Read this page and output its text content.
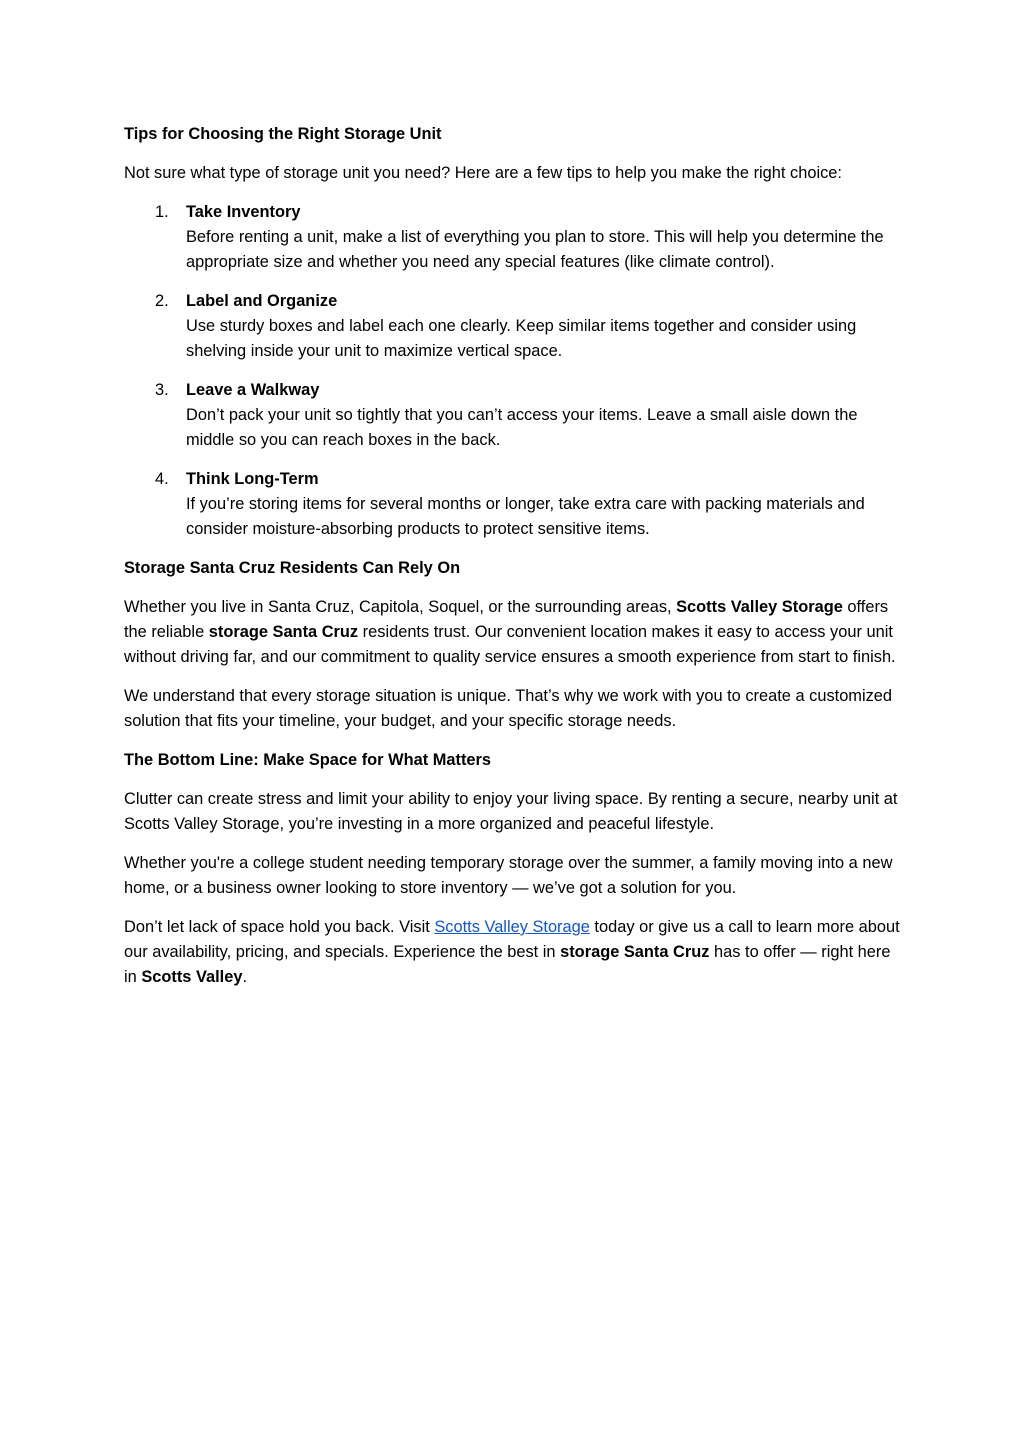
Tips for Choosing the Right Storage Unit

Not sure what type of storage unit you need? Here are a few tips to help you make the right choice:

1. Take Inventory
Before renting a unit, make a list of everything you plan to store. This will help you determine the appropriate size and whether you need any special features (like climate control).
2. Label and Organize
Use sturdy boxes and label each one clearly. Keep similar items together and consider using shelving inside your unit to maximize vertical space.
3. Leave a Walkway
Don’t pack your unit so tightly that you can’t access your items. Leave a small aisle down the middle so you can reach boxes in the back.
4. Think Long-Term
If you’re storing items for several months or longer, take extra care with packing materials and consider moisture-absorbing products to protect sensitive items.

Storage Santa Cruz Residents Can Rely On

Whether you live in Santa Cruz, Capitola, Soquel, or the surrounding areas, Scotts Valley Storage offers the reliable storage Santa Cruz residents trust. Our convenient location makes it easy to access your unit without driving far, and our commitment to quality service ensures a smooth experience from start to finish.

We understand that every storage situation is unique. That’s why we work with you to create a customized solution that fits your timeline, your budget, and your specific storage needs.

The Bottom Line: Make Space for What Matters

Clutter can create stress and limit your ability to enjoy your living space. By renting a secure, nearby unit at Scotts Valley Storage, you’re investing in a more organized and peaceful lifestyle.

Whether you're a college student needing temporary storage over the summer, a family moving into a new home, or a business owner looking to store inventory — we’ve got a solution for you.

Don’t let lack of space hold you back. Visit Scotts Valley Storage today or give us a call to learn more about our availability, pricing, and specials. Experience the best in storage Santa Cruz has to offer — right here in Scotts Valley.
